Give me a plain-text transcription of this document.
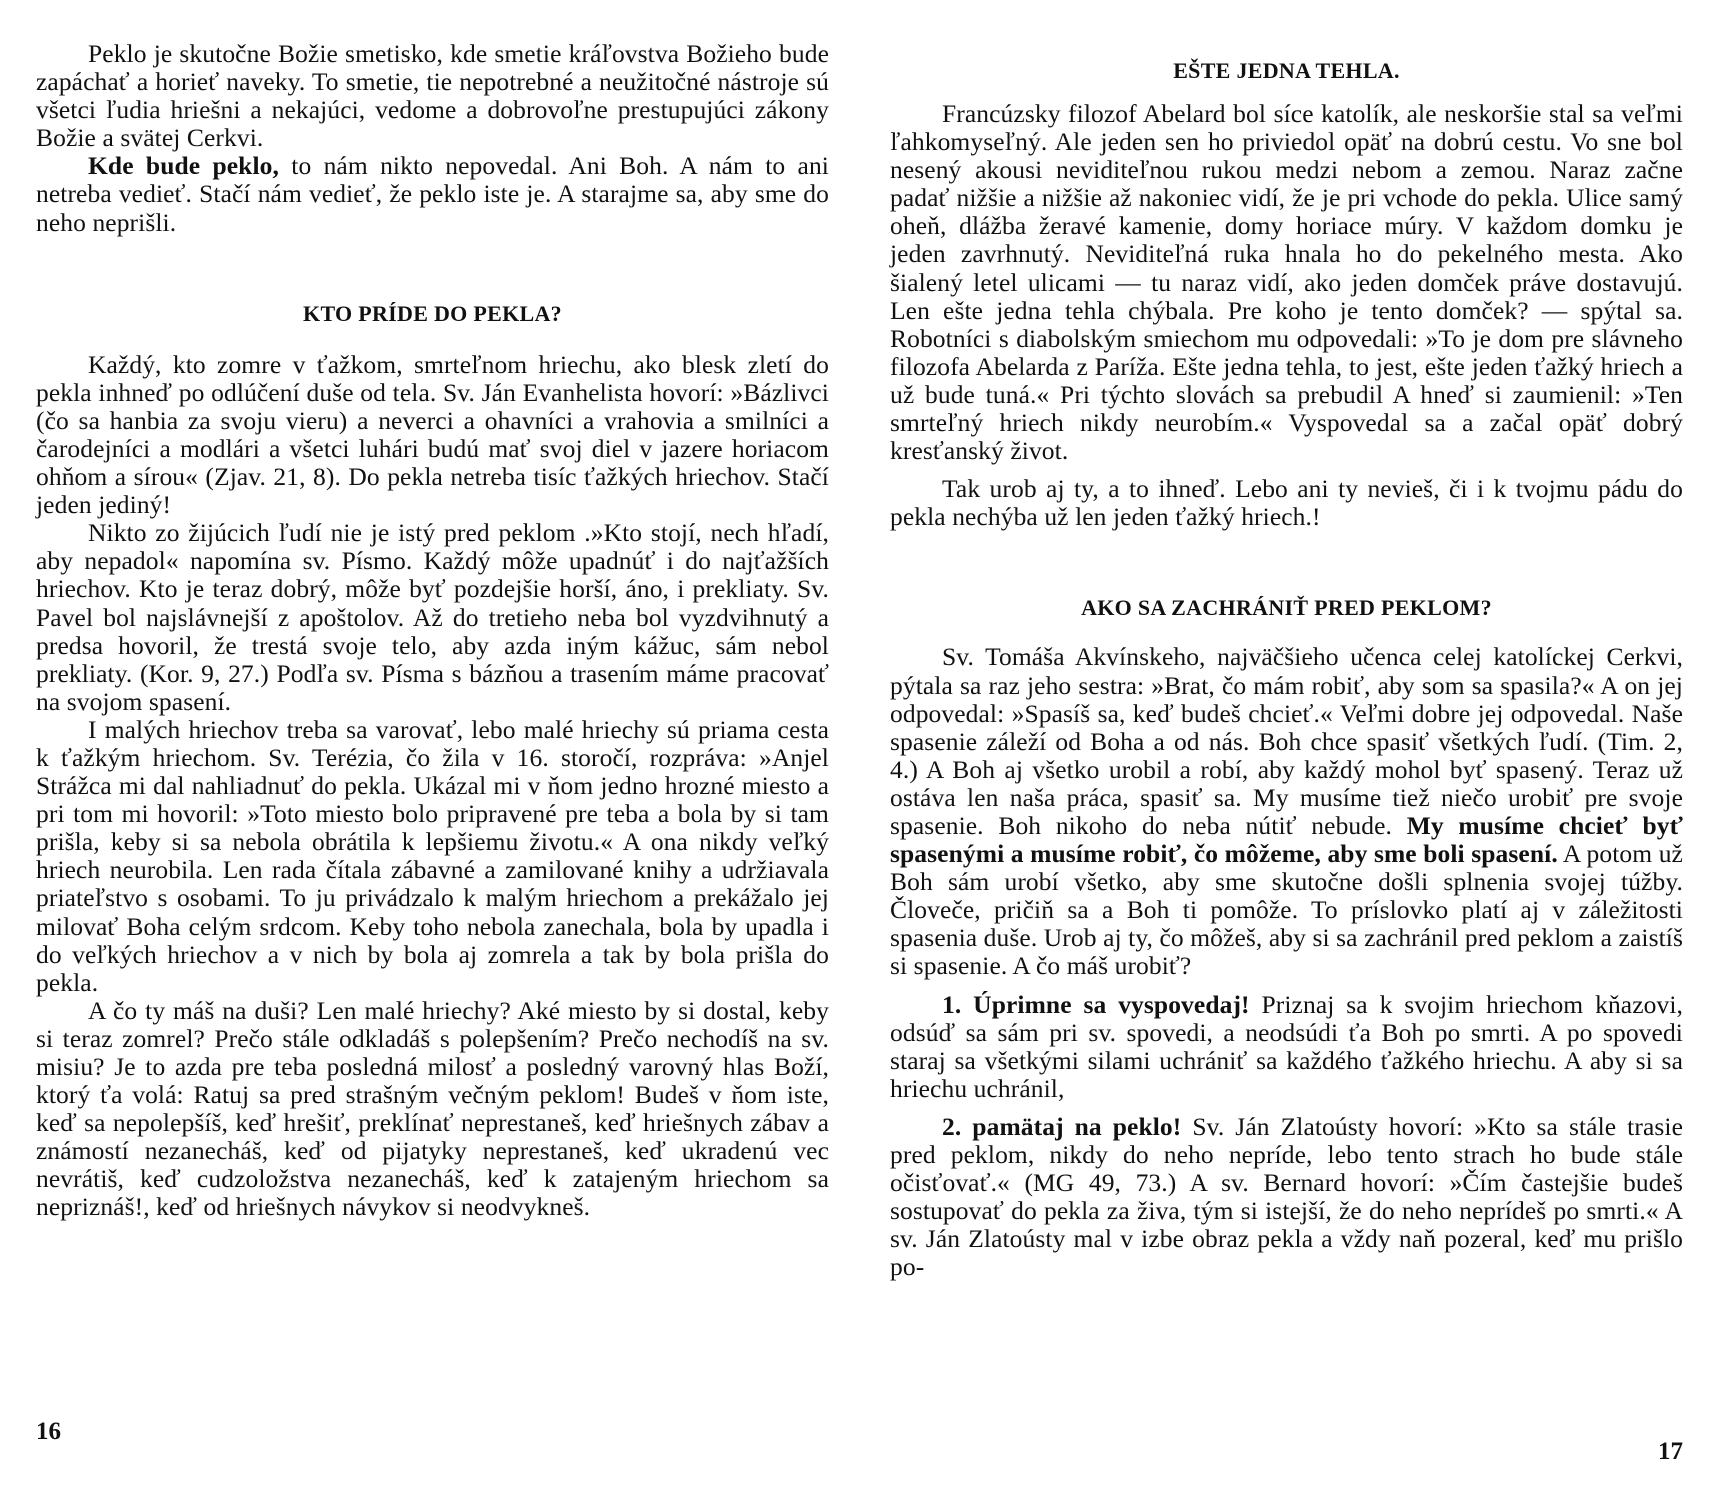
Peklo je skutočne Božie smetisko, kde smetie kráľovstva Božieho bude zapáchať a horieť naveky. To smetie, tie nepotrebné a neužitočné nástroje sú všetci ľudia hriešni a nekajúci, vedome a dobrovoľne prestupujúci zákony Božie a svätej Cerkvi.

Kde bude peklo, to nám nikto nepovedal. Ani Boh. A nám to ani netreba vedieť. Stačí nám vedieť, že peklo iste je. A starajme sa, aby sme do neho neprišli.

KTO PRÍDE DO PEKLA?

Každý, kto zomre v ťažkom, smrteľnom hriechu, ako blesk zletí do pekla inhneď po odlúčení duše od tela. Sv. Ján Evanhelista hovorí: »Bázlivci (čo sa hanbia za svoju vieru) a neverci a ohavníci a vrahovia a smilníci a čarodejníci a modlári a všetci luhári budú mať svoj diel v jazere horiacom ohňom a sírou« (Zjav. 21, 8). Do pekla netreba tisíc ťažkých hriechov. Stačí jeden jediný!

Nikto zo žijúcich ľudí nie je istý pred peklom .»Kto stojí, nech hľadí, aby nepadol« napomína sv. Písmo. Každý môže upadnúť i do najťažších hriechov. Kto je teraz dobrý, môže byť pozdejšie horší, áno, i prekliaty. Sv. Pavel bol najslávnejší z apoštolov. Až do tretieho neba bol vyzdvihnutý a predsa hovoril, že trestá svoje telo, aby azda iným kážuc, sám nebol prekliaty. (Kor. 9, 27.) Podľa sv. Písma s bázňou a trasením máme pracovať na svojom spasení.

I malých hriechov treba sa varovať, lebo malé hriechy sú priama cesta k ťažkým hriechom. Sv. Terézia, čo žila v 16. storočí, rozpráva: »Anjel Strážca mi dal nahliadnuť do pekla. Ukázal mi v ňom jedno hrozné miesto a pri tom mi hovoril: »Toto miesto bolo pripravené pre teba a bola by si tam prišla, keby si sa nebola obrátila k lepšiemu životu.« A ona nikdy veľký hriech neurobila. Len rada čítala zábavné a zamilované knihy a udržiavala priateľstvo s osobami. To ju privádzalo k malým hriechom a prekážalo jej milovať Boha celým srdcom. Keby toho nebola zanechala, bola by upadla i do veľkých hriechov a v nich by bola aj zomrela a tak by bola prišla do pekla.

A čo ty máš na duši? Len malé hriechy? Aké miesto by si dostal, keby si teraz zomrel? Prečo stále odkladáš s polepšením? Prečo nechodíš na sv. misiu? Je to azda pre teba posledná milosť a posledný varovný hlas Boží, ktorý ťa volá: Ratuj sa pred strašným večným peklom! Budeš v ňom iste, keď sa nepolepšíš, keď hrešiť, preklínať neprestaneš, keď hriešnych zábav a známostí nezanecháš, keď od pijatyky neprestaneš, keď ukradenú vec nevrátiš, keď cudzoložstva nezanecháš, keď k zatajeným hriechom sa nepriznáš!, keď od hriešnych návykov si neodvykneš.

16
EŠTE JEDNA TEHLA.

Francúzsky filozof Abelard bol síce katolík, ale neskoršie stal sa veľmi ľahkomyseľný. Ale jeden sen ho priviedol opäť na dobrú cestu. Vo sne bol nesený akousi neviditeľnou rukou medzi nebom a zemou. Naraz začne padať nižšie a nižšie až nakoniec vidí, že je pri vchode do pekla. Ulice samý oheň, dlážba žeravé kamenie, domy horiace múry. V každom domku je jeden zavrhnutý. Neviditeľná ruka hnala ho do pekelného mesta. Ako šialený letel ulicami — tu naraz vidí, ako jeden domček práve dostavujú. Len ešte jedna tehla chýbala. Pre koho je tento domček? — spýtal sa. Robotníci s diabolským smiechom mu odpovedali: »To je dom pre slávneho filozofa Abelarda z Paríža. Ešte jedna tehla, to jest, ešte jeden ťažký hriech a už bude tuná.« Pri týchto slovách sa prebudil A hneď si zaumienil: »Ten smrteľný hriech nikdy neurobím.« Vyspovedal sa a začal opäť dobrý kresťanský život.

Tak urob aj ty, a to ihneď. Lebo ani ty nevieš, či i k tvojmu pádu do pekla nechýba už len jeden ťažký hriech.!

AKO SA ZACHRÁNIŤ PRED PEKLOM?

Sv. Tomáša Akvínskeho, najväčšieho učenca celej katolíckej Cerkvi, pýtala sa raz jeho sestra: »Brat, čo mám robiť, aby som sa spasila?« A on jej odpovedal: »Spasíš sa, keď budeš chcieť.« Veľmi dobre jej odpovedal. Naše spasenie záleží od Boha a od nás. Boh chce spasiť všetkých ľudí. (Tim. 2, 4.) A Boh aj všetko urobil a robí, aby každý mohol byť spasený. Teraz už ostáva len naša práca, spasiť sa. My musíme tiež niečo urobiť pre svoje spasenie. Boh nikoho do neba nútiť nebude. My musíme chcieť byť spasenými a musíme robiť, čo môžeme, aby sme boli spasení. A potom už Boh sám urobí všetko, aby sme skutočne došli splnenia svojej túžby. Človeče, pričiň sa a Boh ti pomôže. To príslovko platí aj v záležitosti spasenia duše. Urob aj ty, čo môžeš, aby si sa zachránil pred peklom a zaistíš si spasenie. A čo máš urobiť?

1. Úprimne sa vyspovedaj! Priznaj sa k svojim hriechom kňazovi, odsúď sa sám pri sv. spovedi, a neodsúdi ťa Boh po smrti. A po spovedi staraj sa všetkými silami uchrániť sa každého ťažkého hriechu. A aby si sa hriechu uchránil,

2. pamätaj na peklo! Sv. Ján Zlatoústy hovorí: »Kto sa stále trasie pred peklom, nikdy do neho nepríde, lebo tento strach ho bude stále očisťovať.« (MG 49, 73.) A sv. Bernard hovorí: »Čím častejšie budeš sostupovať do pekla za živa, tým si istejší, že do neho neprídeš po smrti.« A sv. Ján Zlatoústy mal v izbe obraz pekla a vždy naň pozeral, keď mu prišlo po-

17
